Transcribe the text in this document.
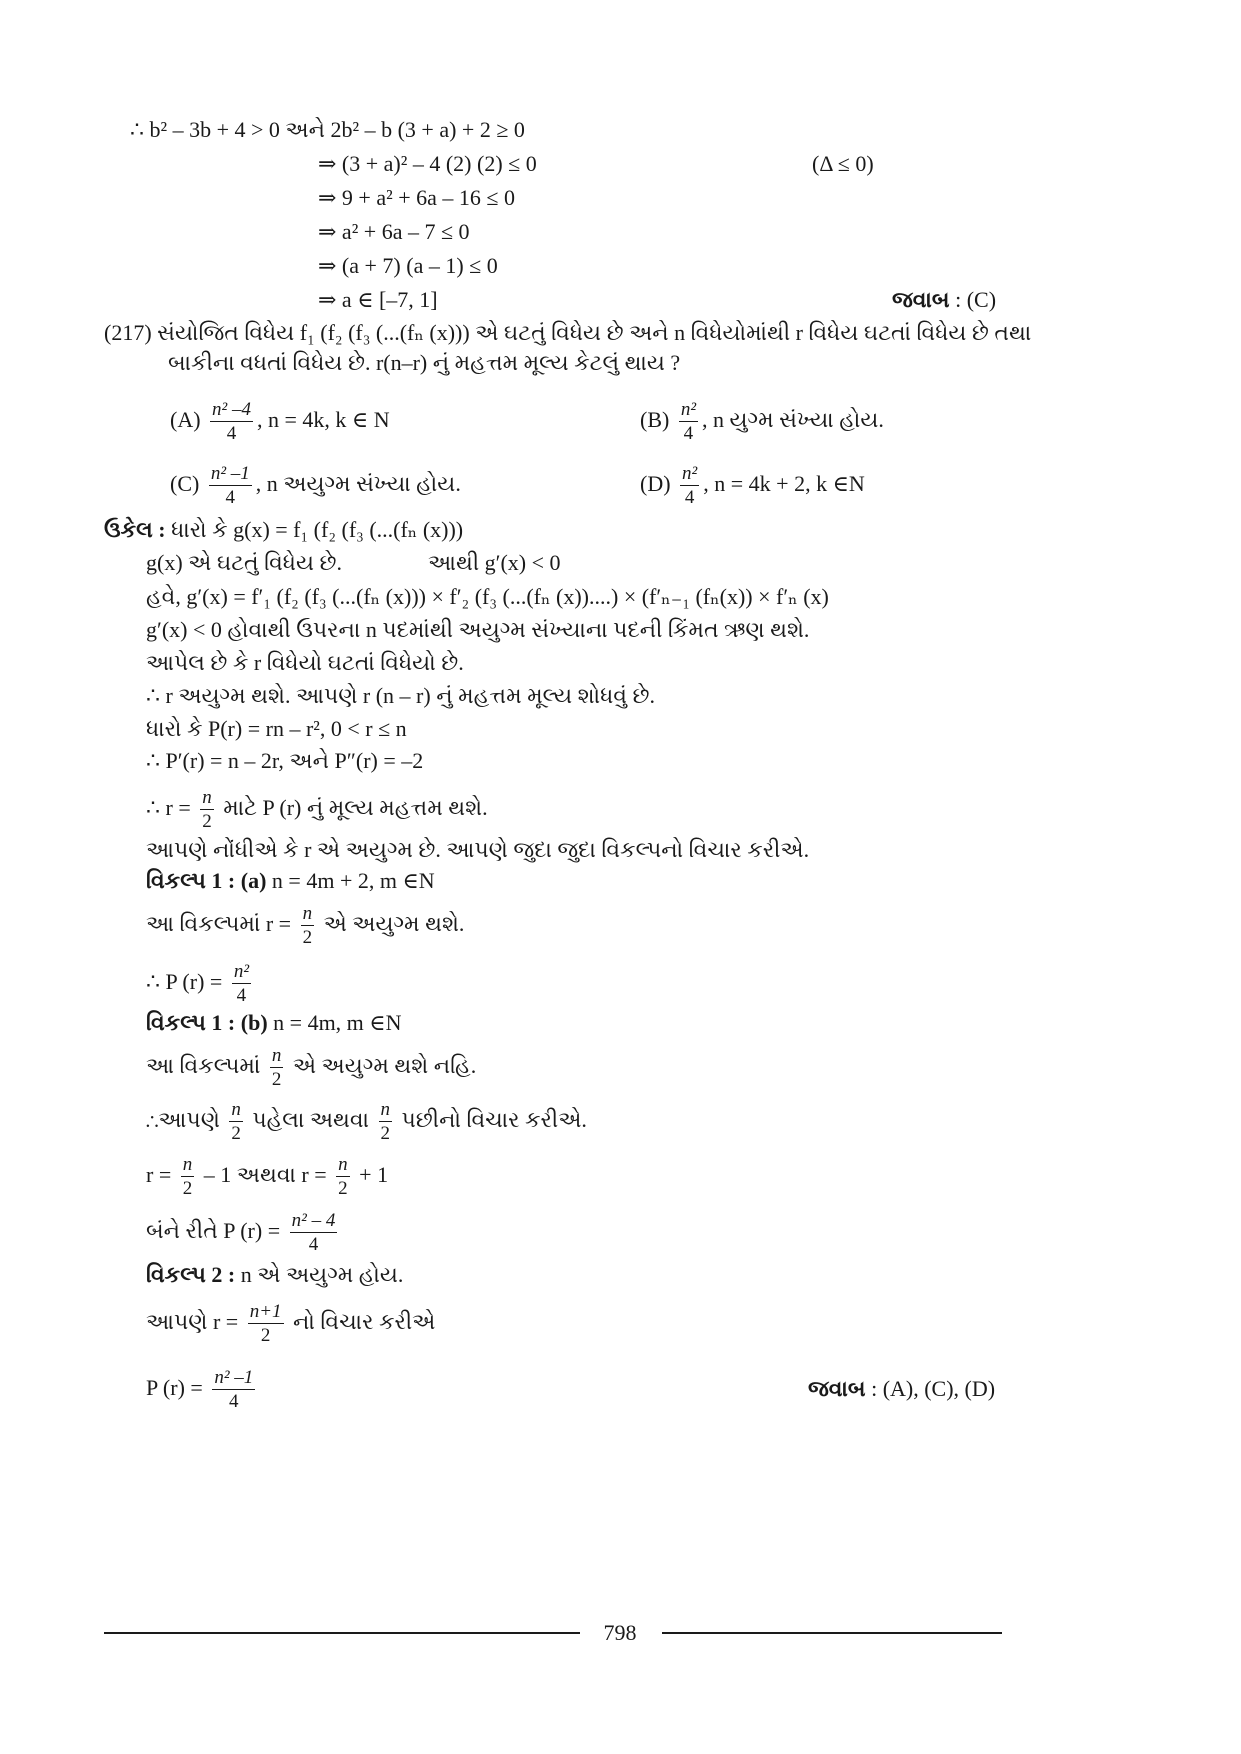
∴ b² – 3b + 4 > 0 અને 2b² – b (3 + a) + 2 ≥ 0
⇒ (3 + a)² – 4 (2) (2) ≤ 0	(Δ ≤ 0)
⇒ 9 + a² + 6a – 16 ≤ 0
⇒ a² + 6a – 7 ≤ 0
⇒ (a + 7) (a – 1) ≤ 0
⇒ a ∈ [–7, 1]	જવાબ : (C)
(217) સંયોજિત વિધેય f₁ (f₂ (f₃ (...(fₙ (x))) એ ઘટતું વિધેય છે અને n વિધેયોમાંથી r વિધેય ઘટતાં વિધેય છે તથા
બાકીના વધતાં વિધેય છે. r(n–r) નું મહત્તમ મૂલ્ય કેટલું થાય ?
$(A) \frac{\text{n² –4}}{4}$ , n = 4k, k ∈ N	$(B) \frac{\text{n²}}{4}$ , n યુગ્મ સંખ્યા હોય.
$(C) \frac{\text{n² –1}}{4}$ , n અયુગ્મ સંખ્યા હોય.	$(D) \frac{\text{n²}}{4}$ , n = 4k + 2, k ∈N
ઉકેલ : ધારો કે g(x) = f₁ (f₂ (f₃ (...(fₙ (x)))
g(x) એ ઘટતું વિધેય છે.	આથી g′(x) < 0
હવે, g′(x) = f′₁ (f₂ (f₃ (...(fₙ (x))) × f′₂ (f₃ (...(fₙ (x))....) × (f′ₙ₋₁ (fₙ(x)) × f′ₙ (x)
g′(x) < 0 હોવાથી ઉપરના n પદમાંથી અયુગ્મ સંખ્યાના પદની કિંમત ઋણ થશે.
આપેલ છે કે r વિધેયો ઘટતાં વિધેયો છે.
∴ r અયુગ્મ થશે. આપણે r (n – r) નું મહત્તમ મૂલ્ય શોધવું છે.
ધારો કે P(r) = rn – r², 0 < r ≤ n
∴ P′(r) = n – 2r, અને P″(r) = –2
∴ $r = \frac{n}{2}$ માટે P (r) નું મૂલ્ય મહત્તમ થશે.
આપણે નોંધીએ કે r એ અયુગ્મ છે. આપણે જુદા જુદા વિકલ્પનો વિચાર કરીએ.
વિકલ્પ 1 : (a) n = 4m + 2, m ∈N
આ વિકલ્પમાં $r = \frac{n}{2}$ એ અયુગ્મ થશે.
∴ P $(r) = \frac{\text{n²}}{4}$
વિકલ્પ 1 : (b) n = 4m, m ∈N
આ વિકલ્પમાં $\frac{n}{2}$ એ અયુગ્મ થશે નહિ.
∴આપણે $\frac{n}{2}$ પહેલા અથવા $\frac{n}{2}$ પછીનો વિચાર કરીએ.
$r = \frac{n}{2} - 1$ અથવા $r = \frac{n}{2} + 1$
બંને રીતે P $(r) = \frac{\text{n² – 4}}{4}$
વિકલ્પ 2 : n એ અયુગ્મ હોય.
આપણે $r = \frac{n+1}{2}$ નો વિચાર કરીએ
P $(r) = \frac{\text{n² –1}}{4}$	જવાબ : (A), (C), (D)
798
